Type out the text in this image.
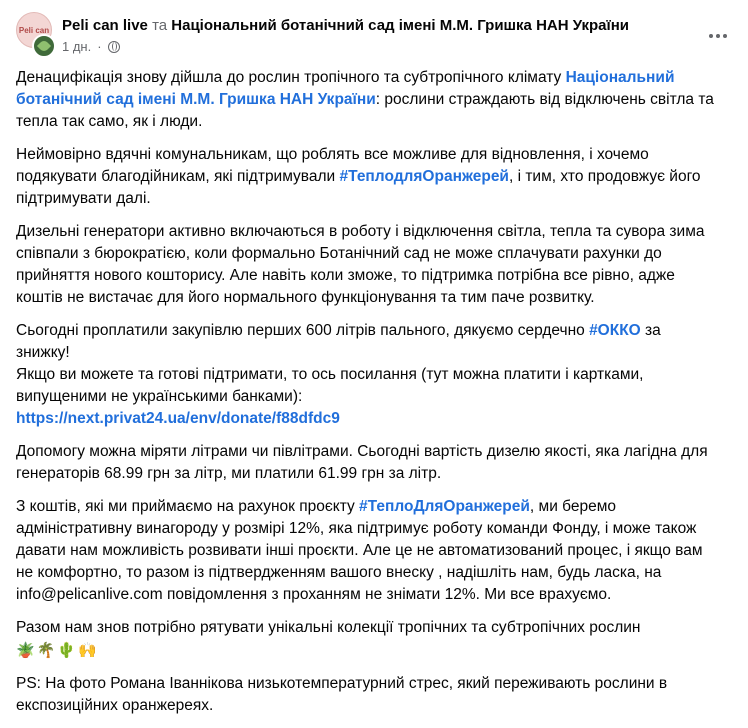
Peli can Peli can live та Національний ботанічний сад імені М.М. Гришка НАН України
1 дн. ·

Денацифікація знову дійшла до рослин тропічного та субтропічного клімату Національний ботанічний сад імені М.М. Гришка НАН України: рослини страждають від відключень світла та тепла так само, як і люди.

Неймовірно вдячні комунальникам, що роблять все можливе для відновлення, і хочемо подякувати благодійникам, які підтримували #ТеплодляОранжерей, і тим, хто продовжує його підтримувати далі.

Дизельні генератори активно включаються в роботу і відключення світла, тепла та сувора зима співпали з бюрократією, коли формально Ботанічний сад не може сплачувати рахунки до прийняття нового кошторису. Але навіть коли зможе, то підтримка потрібна все рівно, адже коштів не вистачає для його нормального функціонування та тим паче розвитку.

Сьогодні проплатили закупівлю перших 600 літрів пального, дякуємо сердечно #ОККО за знижку!

Якщо ви можете та готові підтримати, то ось посилання (тут можна платити і картками, випущеними не українськими банками):
https://next.privat24.ua/env/donate/f88dfdc9

Допомогу можна міряти літрами чи півлітрами. Сьогодні вартість дизелю якості, яка лагідна для генераторів 68.99 грн за літр, ми платили 61.99 грн за літр.

З коштів, які ми приймаємо на рахунок проєкту #ТеплоДляОранжерей, ми беремо адміністративну винагороду у розмірі 12%, яка підтримує роботу команди Фонду, і може також давати нам можливість розвивати інші проєкти. Але це не автоматизований процес, і якщо вам не комфортно, то разом із підтвердженням вашого внеску , надішліть нам, будь ласка, на info@pelicanlive.com повідомлення з проханням не знімати 12%. Ми все врахуємо.

Разом нам знов потрібно рятувати унікальні колекції тропічних та субтропічних рослин

🪴 🌴 🌵 🙌

PS: На фото Романа Іваннікова низькотемпературний стрес, який переживають рослини в експозиційних оранжереях.
